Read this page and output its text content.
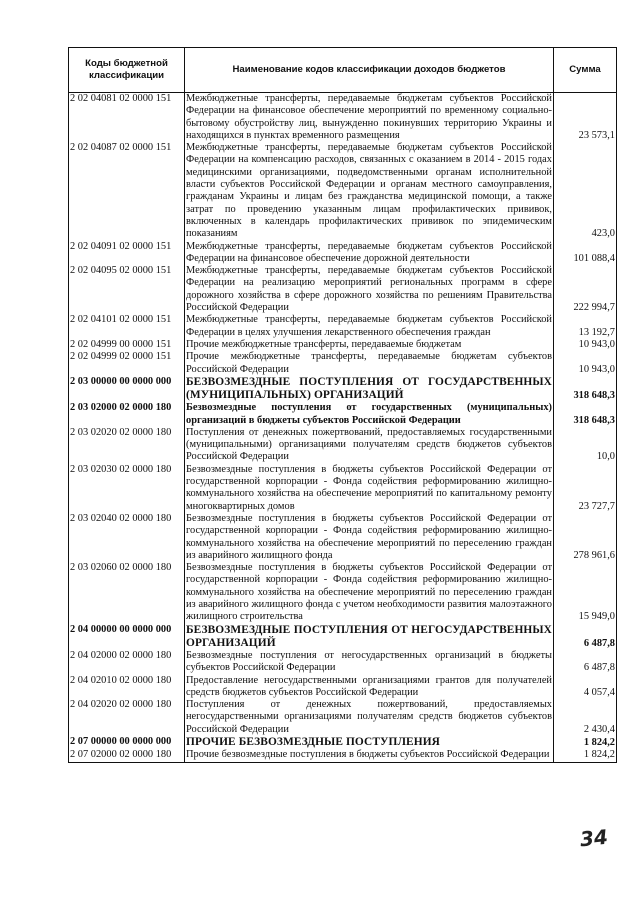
Коды бюджетной классификации	Наименование кодов классификации доходов бюджетов	Сумма
2 02 04081 02 0000 151	Межбюджетные трансферты, передаваемые бюджетам субъектов Российской Федерации на финансовое обеспечение мероприятий по временному социально-бытовому обустройству лиц, вынужденно покинувших территорию Украины и находящихся в пунктах временного размещения	23 573,1
2 02 04087 02 0000 151	Межбюджетные трансферты, передаваемые бюджетам субъектов Российской Федерации на компенсацию расходов, связанных с оказанием в 2014 - 2015 годах медицинскими организациями, подведомственными органам исполнительной власти субъектов Российской Федерации и органам местного самоуправления, гражданам Украины и лицам без гражданства медицинской помощи, а также затрат по проведению указанным лицам профилактических прививок, включенных в календарь профилактических прививок по эпидемическим показаниям	423,0
2 02 04091 02 0000 151	Межбюджетные трансферты, передаваемые бюджетам субъектов Российской Федерации на финансовое обеспечение дорожной деятельности	101 088,4
2 02 04095 02 0000 151	Межбюджетные трансферты, передаваемые бюджетам субъектов Российской Федерации на реализацию мероприятий региональных программ в сфере дорожного хозяйства в сфере дорожного хозяйства по решениям Правительства Российской Федерации	222 994,7
2 02 04101 02 0000 151	Межбюджетные трансферты, передаваемые бюджетам субъектов Российской Федерации в целях улучшения лекарственного обеспечения граждан	13 192,7
2 02 04999 00 0000 151	Прочие межбюджетные трансферты, передаваемые бюджетам	10 943,0
2 02 04999 02 0000 151	Прочие межбюджетные трансферты, передаваемые бюджетам субъектов Российской Федерации	10 943,0
2 03 00000 00 0000 000	БЕЗВОЗМЕЗДНЫЕ ПОСТУПЛЕНИЯ ОТ ГОСУДАРСТВЕННЫХ (МУНИЦИПАЛЬНЫХ) ОРГАНИЗАЦИЙ	318 648,3
2 03 02000 02 0000 180	Безвозмездные поступления от государственных (муниципальных) организаций в бюджеты субъектов Российской Федерации	318 648,3
2 03 02020 02 0000 180	Поступления от денежных пожертвований, предоставляемых государственными (муниципальными) организациями получателям средств бюджетов субъектов Российской Федерации	10,0
2 03 02030 02 0000 180	Безвозмездные поступления в бюджеты субъектов Российской Федерации от государственной корпорации - Фонда содействия реформированию жилищно-коммунального хозяйства на обеспечение мероприятий по капитальному ремонту многоквартирных домов	23 727,7
2 03 02040 02 0000 180	Безвозмездные поступления в бюджеты субъектов Российской Федерации от государственной корпорации - Фонда содействия реформированию жилищно-коммунального хозяйства на обеспечение мероприятий по переселению граждан из аварийного жилищного фонда	278 961,6
2 03 02060 02 0000 180	Безвозмездные поступления в бюджеты субъектов Российской Федерации от государственной корпорации - Фонда содействия реформированию жилищно-коммунального хозяйства на обеспечение мероприятий по переселению граждан из аварийного жилищного фонда с учетом необходимости развития малоэтажного жилищного строительства	15 949,0
2 04 00000 00 0000 000	БЕЗВОЗМЕЗДНЫЕ ПОСТУПЛЕНИЯ ОТ НЕГОСУДАРСТВЕННЫХ ОРГАНИЗАЦИЙ	6 487,8
2 04 02000 02 0000 180	Безвозмездные поступления от негосударственных организаций в бюджеты субъектов Российской Федерации	6 487,8
2 04 02010 02 0000 180	Предоставление негосударственными организациями грантов для получателей средств бюджетов субъектов Российской Федерации	4 057,4
2 04 02020 02 0000 180	Поступления от денежных пожертвований, предоставляемых негосударственными организациями получателям средств бюджетов субъектов Российской Федерации	2 430,4
2 07 00000 00 0000 000	ПРОЧИЕ БЕЗВОЗМЕЗДНЫЕ ПОСТУПЛЕНИЯ	1 824,2
2 07 02000 02 0000 180	Прочие безвозмездные поступления в бюджеты субъектов Российской Федерации	1 824,2
34
